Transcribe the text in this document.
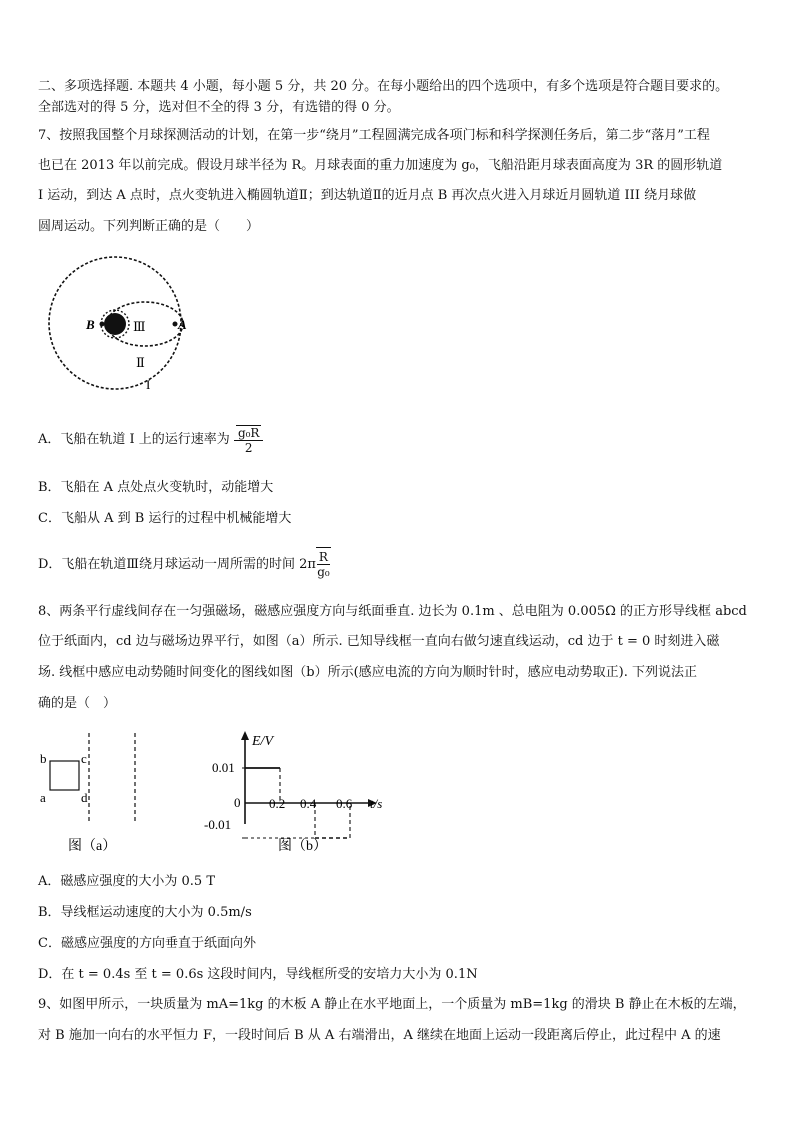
二、多项选择题. 本题共 4 小题，每小题 5 分，共 20 分。在每小题给出的四个选项中，有多个选项是符合题目要求的。
全部选对的得 5 分，选对但不全的得 3 分，有选错的得 0 分。
7、按照我国整个月球探测活动的计划，在第一步“绕月”工程圆满完成各项门标和科学探测任务后，第二步“落月”工程
也已在 2013 年以前完成。假设月球半径为 R。月球表面的重力加速度为 g₀，飞船沿距月球表面高度为 3R 的圆形轨道
I 运动，到达 A 点时，点火变轨进入椭圆轨道Ⅱ；到达轨道Ⅱ的近月点 B 再次点火进入月球近月圆轨道 III 绕月球做
圆周运动。下列判断正确的是（　　）
B	A
Ⅲ
Ⅱ
I
A．飞船在轨道 I 上的运行速率为 $\frac{\text{g₀R}}{2}$
B．飞船在 A 点处点火变轨时，动能增大
C．飞船从 A 到 B 运行的过程中机械能增大
D．飞船在轨道Ⅲ绕月球运动一周所需的时间 $2\pi \frac{R}{\text{g₀}}$
8、两条平行虚线间存在一匀强磁场，磁感应强度方向与纸面垂直. 边长为 0.1m 、总电阻为 0.005Ω 的正方形导线框 abcd
位于纸面内，cd 边与磁场边界平行，如图（a）所示. 已知导线框一直向右做匀速直线运动，cd 边于 t = 0 时刻进入磁
场. 线框中感应电动势随时间变化的图线如图（b）所示(感应电流的方向为顺时针时，感应电动势取正). 下列说法正
确的是（　）
b	c
a	d
图（a）
E/V
t/s
0.01
-0.01
0 0.2 0.4 0.6
图（b）
A．磁感应强度的大小为 0.5 T
B．导线框运动速度的大小为 0.5m/s
C．磁感应强度的方向垂直于纸面向外
D．在 t = 0.4s 至 t = 0.6s 这段时间内，导线框所受的安培力大小为 0.1N
9、如图甲所示，一块质量为 mA=1kg 的木板 A 静止在水平地面上，一个质量为 mB=1kg 的滑块 B 静止在木板的左端，
对 B 施加一向右的水平恒力 F，一段时间后 B 从 A 右端滑出，A 继续在地面上运动一段距离后停止，此过程中 A 的速
